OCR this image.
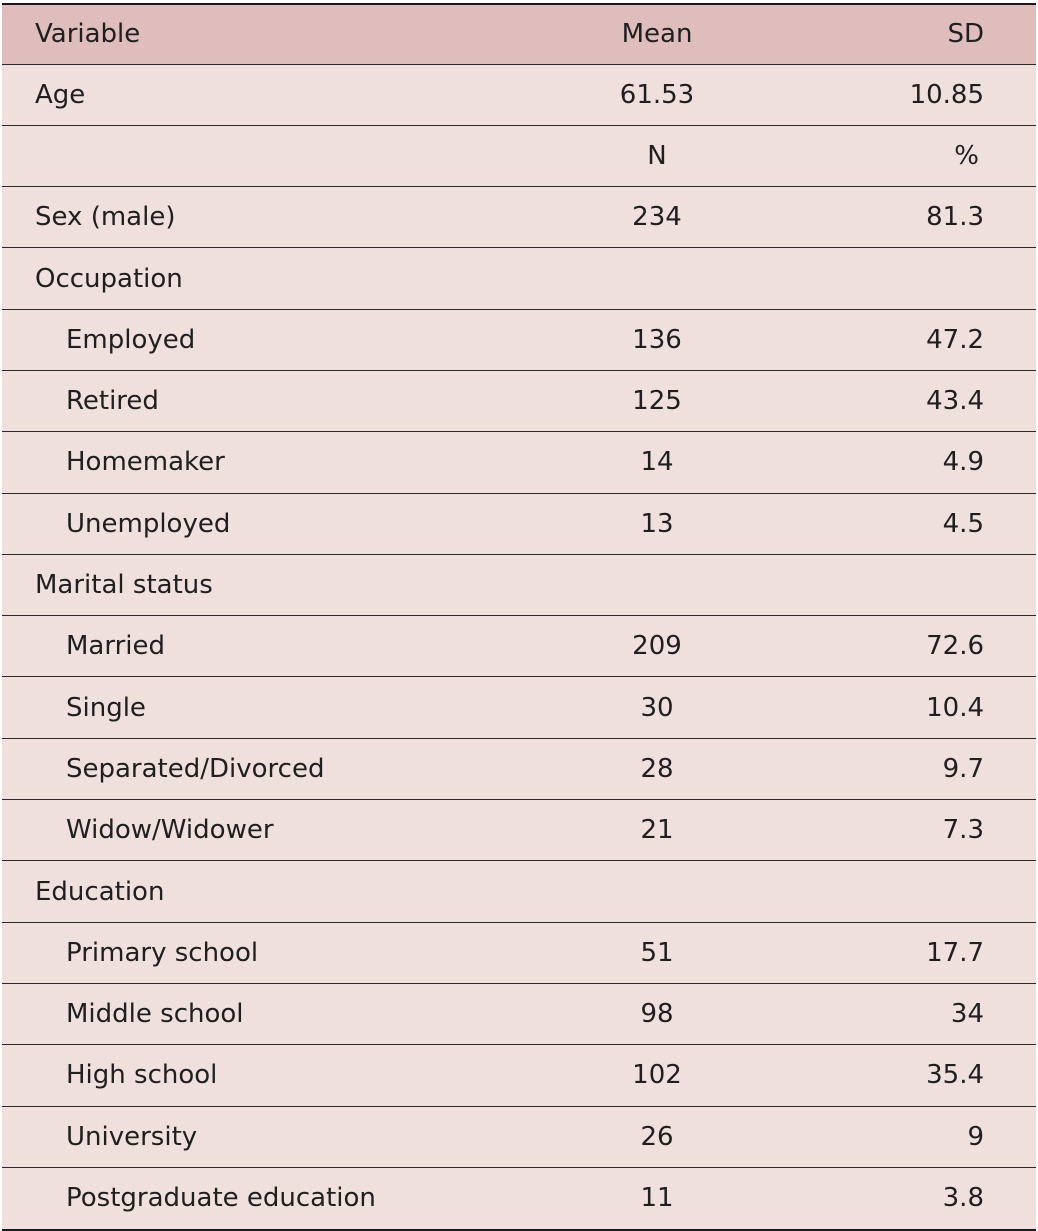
Variable	Mean	SD
Age	61.53	10.85
	N	%
Sex (male)	234	81.3
Occupation		
Employed	136	47.2
Retired	125	43.4
Homemaker	14	4.9
Unemployed	13	4.5
Marital status		
Married	209	72.6
Single	30	10.4
Separated/Divorced	28	9.7
Widow/Widower	21	7.3
Education		
Primary school	51	17.7
Middle school	98	34
High school	102	35.4
University	26	9
Postgraduate education	11	3.8
